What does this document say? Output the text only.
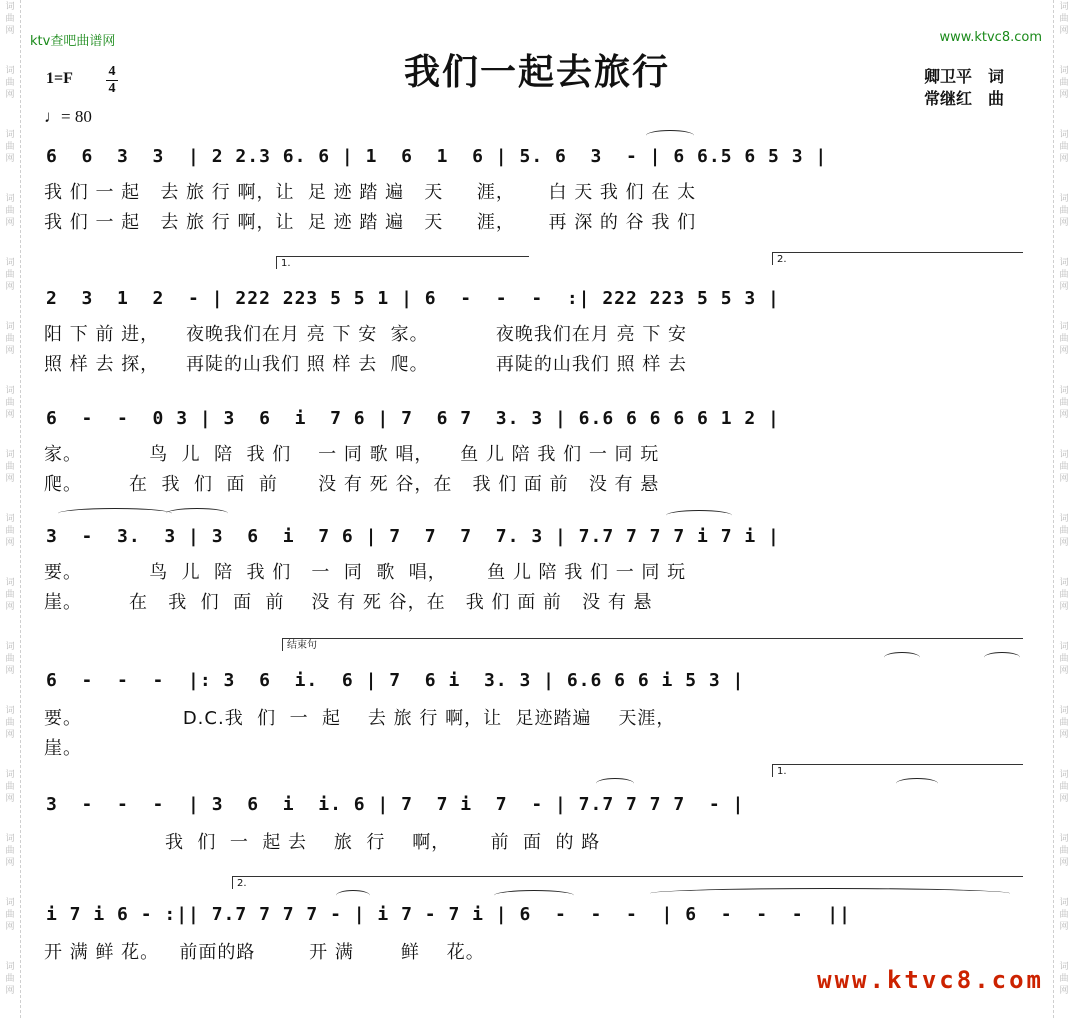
词
曲
网
词
曲
网
词
曲
网
词
曲
网
词
曲
网
词
曲
网
词
曲
网
词
曲
网
词
曲
网
词
曲
网
词
曲
网
词
曲
网
词
曲
网
词
曲
网
词
曲
网
词
曲
网
词
曲
网
词
曲
网
词
曲
网
词
曲
网
词
曲
网
词
曲
网
词
曲
网
词
曲
网
词
曲
网
词
曲
网
词
曲
网
词
曲
网
词
曲
网
词
曲
网
词
曲
网
词
曲
网
ktv查吧曲谱网	www.ktvc8.com
我们一起去旅行	卿卫平　词
常继红　曲
1=F	4
4
♩= 80
6  6  3  3  | 2 2.3 6. 6 | 1  6  1  6 | 5. 6  3  - | 6 6.5 6 5 3 |
我 们 一 起   去 旅 行 啊，让  足 迹 踏 遍   天     涯，     白 天 我 们 在 太
我 们 一 起   去 旅 行 啊，让  足 迹 踏 遍   天     涯，     再 深 的 谷 我 们
1.	2.
2  3  1  2  - | 222 223 5 5 1 | 6  -  -  -  :| 222 223 5 5 3 |
阳 下 前 进，    夜晚我们在月 亮 下 安  家。          夜晚我们在月 亮 下 安
照 样 去 探，    再陡的山我们 照 样 去  爬。          再陡的山我们 照 样 去
6  -  -  0 3 | 3  6  i  7 6 | 7  6 7  3. 3 | 6.6 6 6 6 6 1 2 |
家。          鸟  儿  陪  我 们    一 同 歌 唱，    鱼 儿 陪 我 们 一 同 玩
爬。       在  我  们  面  前      没 有 死 谷，在   我 们 面 前   没 有 悬
3  -  3.  3 | 3  6  i  7 6 | 7  7  7  7. 3 | 7.7 7 7 7 i 7 i |
要。          鸟  儿  陪  我 们   一  同  歌  唱，      鱼 儿 陪 我 们 一 同 玩
崖。       在   我  们  面  前    没 有 死 谷，在   我 们 面 前   没 有 悬
结束句
6  -  -  -  |: 3  6  i.  6 | 7  6 i  3. 3 | 6.6 6 6 i 5 3 |
要。               D.C.我  们  一  起    去 旅 行 啊，让  足迹踏遍    天涯，
崖。
1.
3  -  -  -  | 3  6  i  i. 6 | 7  7 i  7  - | 7.7 7 7 7  - |
我  们  一  起 去    旅  行    啊，      前  面  的 路
2.
i 7 i 6 - :|| 7.7 7 7 7 - | i 7 - 7 i | 6  -  -  -  | 6  -  -  -  ||
开 满 鲜 花。   前面的路        开 满       鲜    花。
www.ktvc8.com
